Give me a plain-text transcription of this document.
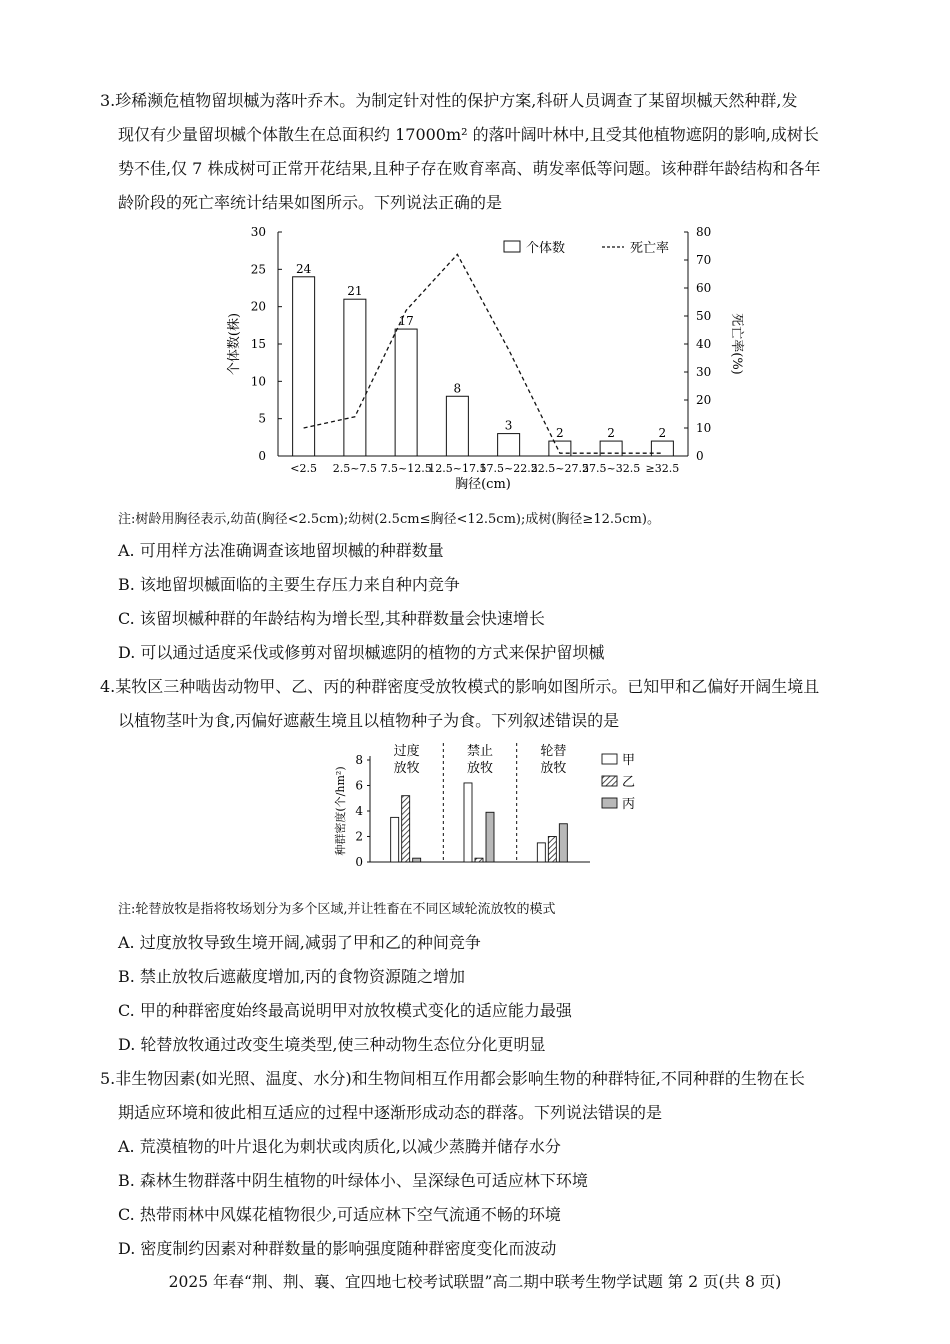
3.珍稀濒危植物留坝槭为落叶乔木。为制定针对性的保护方案,科研人员调查了某留坝槭天然种群,发
现仅有少量留坝槭个体散生在总面积约 17000m² 的落叶阔叶林中,且受其他植物遮阴的影响,成树长
势不佳,仅 7 株成树可正常开花结果,且种子存在败育率高、萌发率低等问题。该种群年龄结构和各年
龄阶段的死亡率统计结果如图所示。下列说法正确的是
0
5
10
15
20
25
30
0
10
20
30
40
50
60
70
80
个体数(株)	死亡率(%)
胸径(cm)
<2.5 2.5~7.5 7.5~12.5
12.5~17.5
17.5~22.5
22.5~27.5
27.5~32.5 ≥32.5
24
21
17
8
3
2	2	2
个体数	死亡率
注:树龄用胸径表示,幼苗(胸径<2.5cm);幼树(2.5cm≤胸径<12.5cm);成树(胸径≥12.5cm)。
A. 可用样方法准确调查该地留坝槭的种群数量
B. 该地留坝槭面临的主要生存压力来自种内竞争
C. 该留坝槭种群的年龄结构为增长型,其种群数量会快速增长
D. 可以通过适度采伐或修剪对留坝槭遮阴的植物的方式来保护留坝槭
4.某牧区三种啮齿动物甲、乙、丙的种群密度受放牧模式的影响如图所示。已知甲和乙偏好开阔生境且
以植物茎叶为食,丙偏好遮蔽生境且以植物种子为食。下列叙述错误的是
0
2
4
6
8
种群密度(个/hm²)
过度
放牧
禁止
放牧
轮替
放牧
甲
乙
丙
注:轮替放牧是指将牧场划分为多个区域,并让牲畜在不同区域轮流放牧的模式
A. 过度放牧导致生境开阔,减弱了甲和乙的种间竞争
B. 禁止放牧后遮蔽度增加,丙的食物资源随之增加
C. 甲的种群密度始终最高说明甲对放牧模式变化的适应能力最强
D. 轮替放牧通过改变生境类型,使三种动物生态位分化更明显
5.非生物因素(如光照、温度、水分)和生物间相互作用都会影响生物的种群特征,不同种群的生物在长
期适应环境和彼此相互适应的过程中逐渐形成动态的群落。下列说法错误的是
A. 荒漠植物的叶片退化为刺状或肉质化,以减少蒸腾并储存水分
B. 森林生物群落中阴生植物的叶绿体小、呈深绿色可适应林下环境
C. 热带雨林中风媒花植物很少,可适应林下空气流通不畅的环境
D. 密度制约因素对种群数量的影响强度随种群密度变化而波动
2025 年春“荆、荆、襄、宜四地七校考试联盟”高二期中联考生物学试题 第 2 页(共 8 页)
